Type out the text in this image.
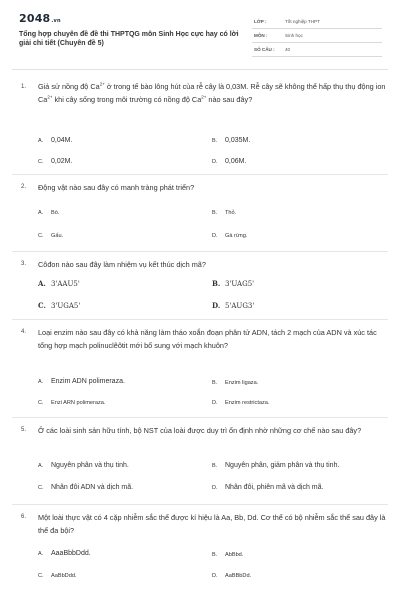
2048.vn
Tổng hợp chuyên đề đề thi THPTQG môn Sinh Học cực hay có lời giải chi tiết (Chuyên đề 5)
LỚP :	Tốt nghiệp THPT
MÔN :	Sinh học
SỐ CÂU : 40
1. Giả sử nồng độ $Ca^{2+}$ ở trong tế bào lông hút của rễ cây là 0,03M. Rễ cây sẽ không thể hấp thụ thụ động ion $Ca^{2+}$ khi cây sống trong môi trường có nồng độ $Ca^{2+}$ nào sau đây?
A. 0,04M.	B. 0,035M.
C. 0,02M.	D. 0,06M.
2. Động vật nào sau đây có manh tràng phát triển?
A. Bò.	B. Thỏ.
C. Gấu.	D. Gà rừng.
3. Côđon nào sau đây làm nhiệm vụ kết thúc dịch mã?
A. 3'AAU5'	B. 3'UAG5'
C. 3'UGA5'	D. 5'AUG3'
4. Loại enzim nào sau đây có khả năng làm tháo xoắn đoạn phân tử ADN, tách 2 mạch của ADN và xúc tác tổng hợp mạch polinuclêôtit mới bổ sung với mạch khuôn?
A. Enzim ADN polimeraza.	B. Enzim ligaza.
C. Enzi ARN polimeraza.	D. Enzim restrictaza.
5. Ở các loài sinh sản hữu tính, bộ NST của loài được duy trì ổn định nhờ những cơ chế nào sau đây?
A. Nguyên phân và thụ tinh.	B. Nguyên phân, giảm phân và thụ tinh.
C. Nhân đôi ADN và dịch mã.	D. Nhân đôi, phiên mã và dịch mã.
6. Một loài thực vật có 4 cặp nhiễm sắc thể được kí hiệu là Aa, Bb, Dd. Cơ thể có bộ nhiễm sắc thể sau đây là thể đa bội?
A. AaaBbbDdd.	B. AbBbd.
C. AaBbDdd.	D. AaBBbDd.
